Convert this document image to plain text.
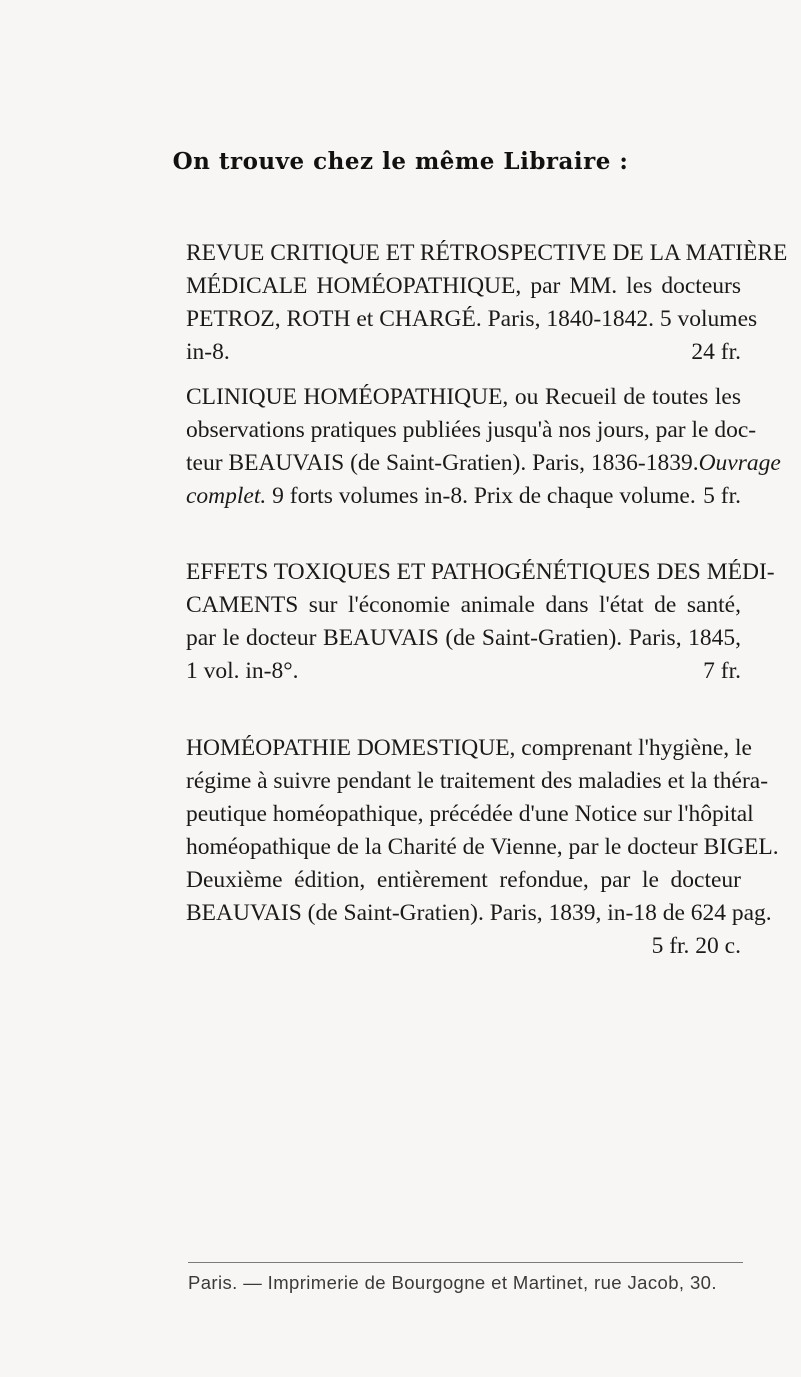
On trouve chez le même Libraire :
REVUE CRITIQUE ET RÉTROSPECTIVE DE LA MATIÈRE
MÉDICALE HOMÉOPATHIQUE, par MM. les docteurs
PETROZ, ROTH et CHARGÉ. Paris, 1840-1842. 5 volumes
in-8.	24 fr.
CLINIQUE HOMÉOPATHIQUE, ou Recueil de toutes les
observations pratiques publiées jusqu'à nos jours, par le doc-
teur BEAUVAIS (de Saint-Gratien). Paris, 1836-1839. Ouvrage
complet. 9 forts volumes in-8. Prix de chaque volume. 5 fr.
EFFETS TOXIQUES ET PATHOGÉNÉTIQUES DES MÉDI-
CAMENTS sur l'économie animale dans l'état de santé,
par le docteur BEAUVAIS (de Saint-Gratien). Paris, 1845,
1 vol. in-8°.	7 fr.
HOMÉOPATHIE DOMESTIQUE, comprenant l'hygiène, le
régime à suivre pendant le traitement des maladies et la théra-
peutique homéopathique, précédée d'une Notice sur l'hôpital
homéopathique de la Charité de Vienne, par le docteur BIGEL.
Deuxième édition, entièrement refondue, par le docteur
BEAUVAIS (de Saint-Gratien). Paris, 1839, in-18 de 624 pag.
5 fr. 20 c.
Paris. — Imprimerie de Bourgogne et Martinet, rue Jacob, 30.
